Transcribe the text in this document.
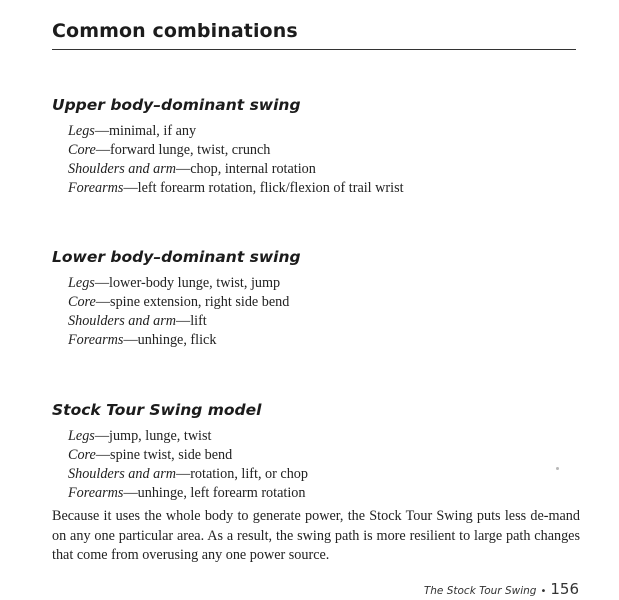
Common combinations
Upper body–dominant swing
Legs—minimal, if any
Core—forward lunge, twist, crunch
Shoulders and arm—chop, internal rotation
Forearms—left forearm rotation, flick/flexion of trail wrist
Lower body–dominant swing
Legs—lower-body lunge, twist, jump
Core—spine extension, right side bend
Shoulders and arm—lift
Forearms—unhinge, flick
Stock Tour Swing model
Legs—jump, lunge, twist
Core—spine twist, side bend
Shoulders and arm—rotation, lift, or chop
Forearms—unhinge, left forearm rotation

Because it uses the whole body to generate power, the Stock Tour Swing puts less de-mand on any one particular area. As a result, the swing path is more resilient to large path changes that come from overusing any one power source.

The Stock Tour Swing • 156
